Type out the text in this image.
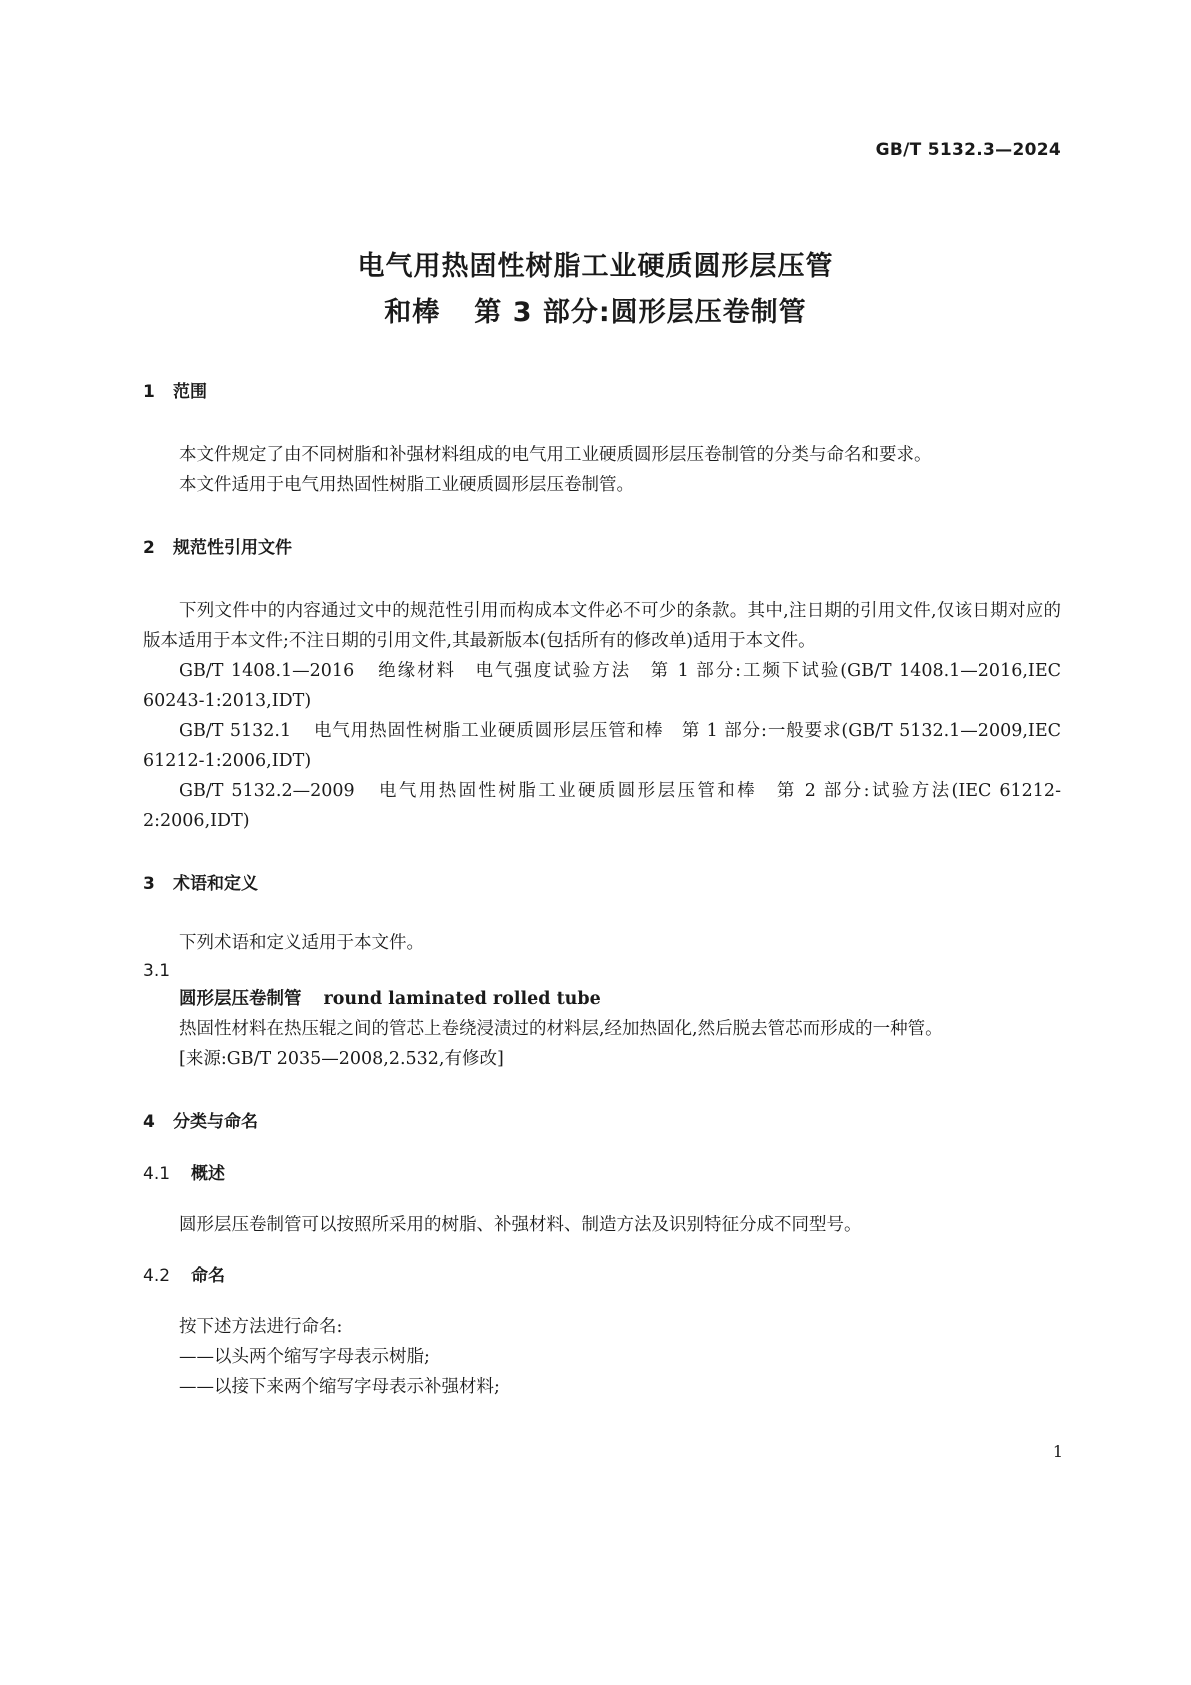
GB/T 5132.3—2024
电气用热固性树脂工业硬质圆形层压管
和棒 第 3 部分:圆形层压卷制管
1 范围

本文件规定了由不同树脂和补强材料组成的电气用工业硬质圆形层压卷制管的分类与命名和要求。

本文件适用于电气用热固性树脂工业硬质圆形层压卷制管。

2 规范性引用文件

下列文件中的内容通过文中的规范性引用而构成本文件必不可少的条款。其中,注日期的引用文件,仅该日期对应的版本适用于本文件;不注日期的引用文件,其最新版本(包括所有的修改单)适用于本文件。

GB/T 1408.1—2016 绝缘材料　电气强度试验方法　第 1 部分:工频下试验(GB/T 1408.1—2016,IEC 60243-1:2013,IDT)

GB/T 5132.1 电气用热固性树脂工业硬质圆形层压管和棒　第 1 部分:一般要求(GB/T 5132.1—2009,IEC 61212-1:2006,IDT)

GB/T 5132.2—2009 电气用热固性树脂工业硬质圆形层压管和棒　第 2 部分:试验方法(IEC 61212-2:2006,IDT)

3 术语和定义

下列术语和定义适用于本文件。

3.1
圆形层压卷制管 round laminated rolled tube

热固性材料在热压辊之间的管芯上卷绕浸渍过的材料层,经加热固化,然后脱去管芯而形成的一种管。

[来源:GB/T 2035—2008,2.532,有修改]

4 分类与命名
4.1 概述

圆形层压卷制管可以按照所采用的树脂、补强材料、制造方法及识别特征分成不同型号。

4.2 命名

按下述方法进行命名:

——以头两个缩写字母表示树脂;
——以接下来两个缩写字母表示补强材料;
1
